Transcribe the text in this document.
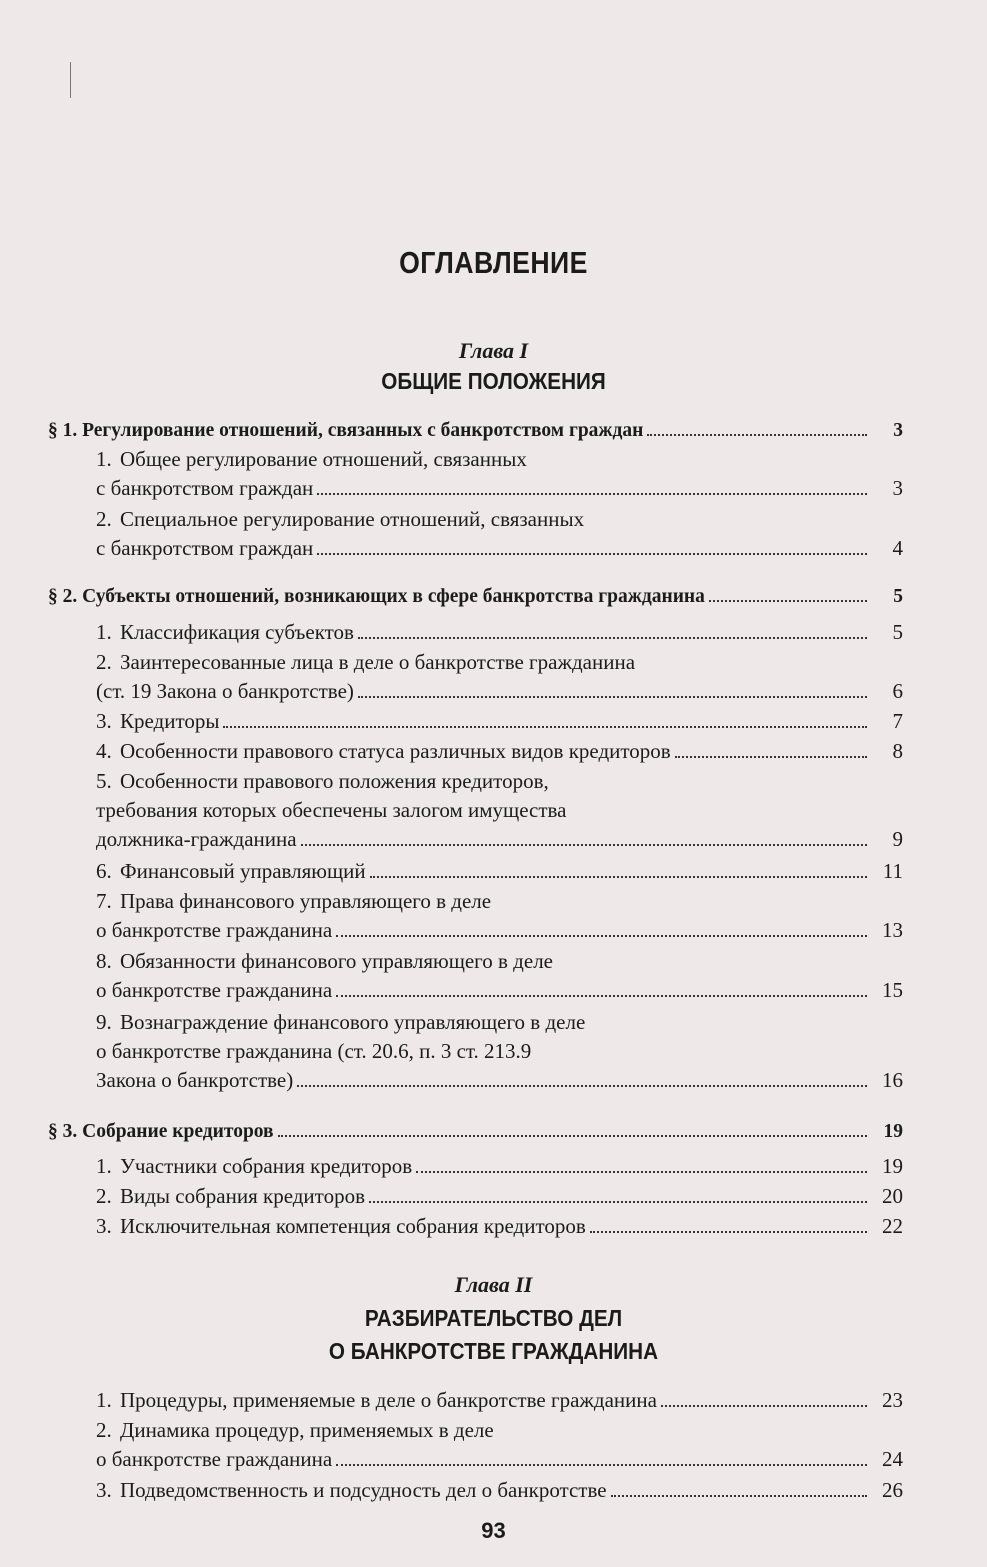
ОГЛАВЛЕНИЕ
Глава I
ОБЩИЕ ПОЛОЖЕНИЯ
§ 1. Регулирование отношений, связанных с банкротством граждан	3
1. Общее регулирование отношений, связанных
с банкротством граждан	3
2. Специальное регулирование отношений, связанных
с банкротством граждан	4
§ 2. Субъекты отношений, возникающих в сфере банкротства гражданина	5
1. Классификация субъектов	5
2. Заинтересованные лица в деле о банкротстве гражданина
(ст. 19 Закона о банкротстве)	6
3. Кредиторы	7
4. Особенности правового статуса различных видов кредиторов	8
5. Особенности правового положения кредиторов,
требования которых обеспечены залогом имущества
должника-гражданина	9
6. Финансовый управляющий	11
7. Права финансового управляющего в деле
о банкротстве гражданина	13
8. Обязанности финансового управляющего в деле
о банкротстве гражданина	15
9. Вознаграждение финансового управляющего в деле
о банкротстве гражданина (ст. 20.6, п. 3 ст. 213.9
Закона о банкротстве)	16
§ 3. Собрание кредиторов	19
1. Участники собрания кредиторов	19
2. Виды собрания кредиторов	20
3. Исключительная компетенция собрания кредиторов	22
Глава II
РАЗБИРАТЕЛЬСТВО ДЕЛ
О БАНКРОТСТВЕ ГРАЖДАНИНА
1. Процедуры, применяемые в деле о банкротстве гражданина	23
2. Динамика процедур, применяемых в деле
о банкротстве гражданина	24
3. Подведомственность и подсудность дел о банкротстве	26
93
